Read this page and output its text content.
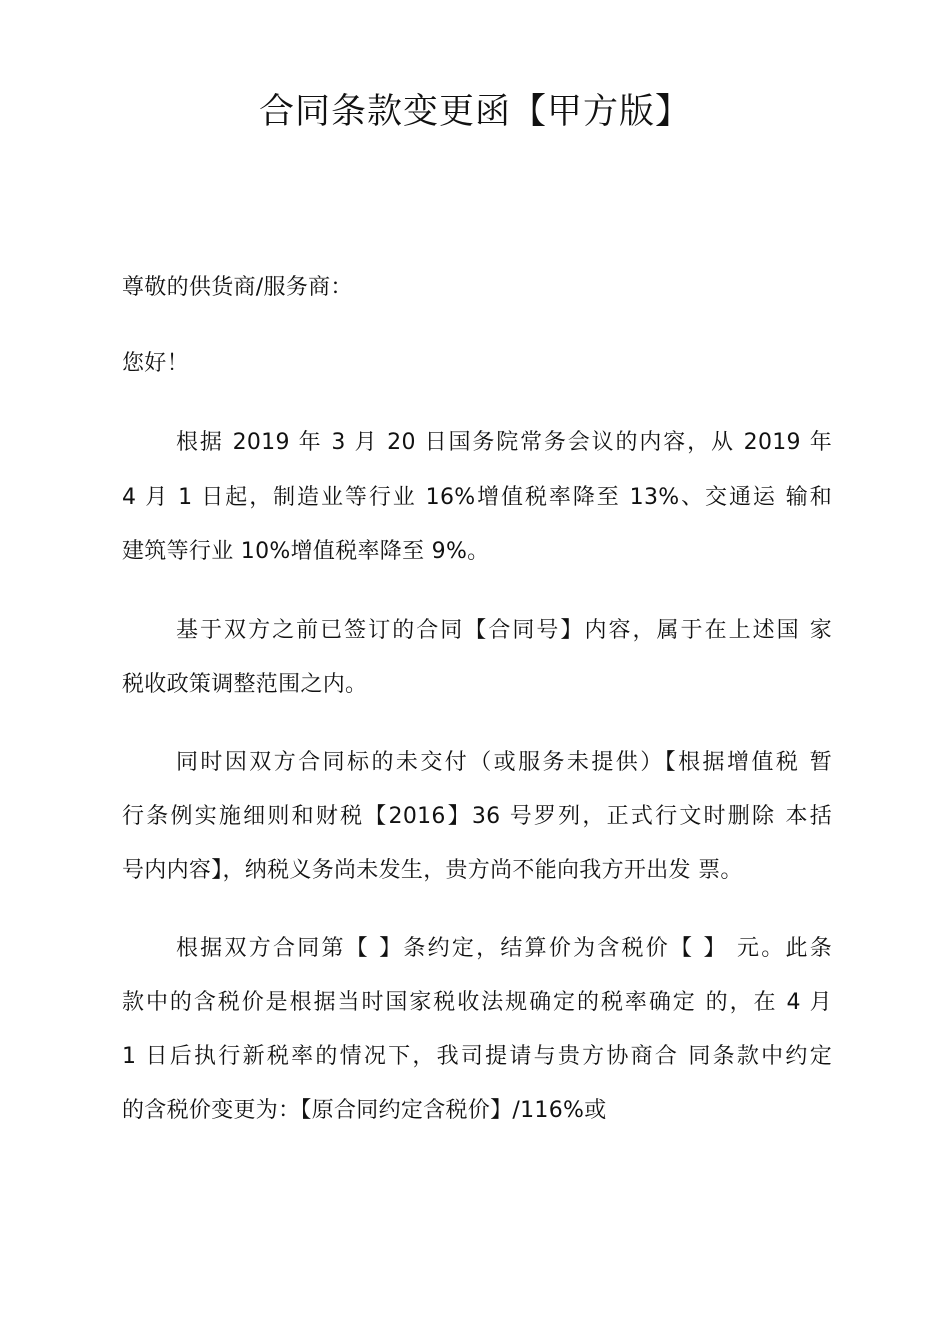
合同条款变更函【甲方版】
尊敬的供货商/服务商：
您好！
根据 2019 年 3 月 20 日国务院常务会议的内容，从 2019 年
4 月 1 日起，制造业等行业 16%增值税率降至 13%、交通运 输和
建筑等行业 10%增值税率降至 9%。
基于双方之前已签订的合同【合同号】内容，属于在上述国 家
税收政策调整范围之内。
同时因双方合同标的未交付（或服务未提供）【根据增值税 暂
行条例实施细则和财税【2016】36 号罗列，正式行文时删除 本括
号内内容】，纳税义务尚未发生，贵方尚不能向我方开出发 票。
根据双方合同第【 】条约定，结算价为含税价【 】 元。此条
款中的含税价是根据当时国家税收法规确定的税率确定 的，在 4 月
1 日后执行新税率的情况下，我司提请与贵方协商合 同条款中约定
的含税价变更为：【原合同约定含税价】/116%或
